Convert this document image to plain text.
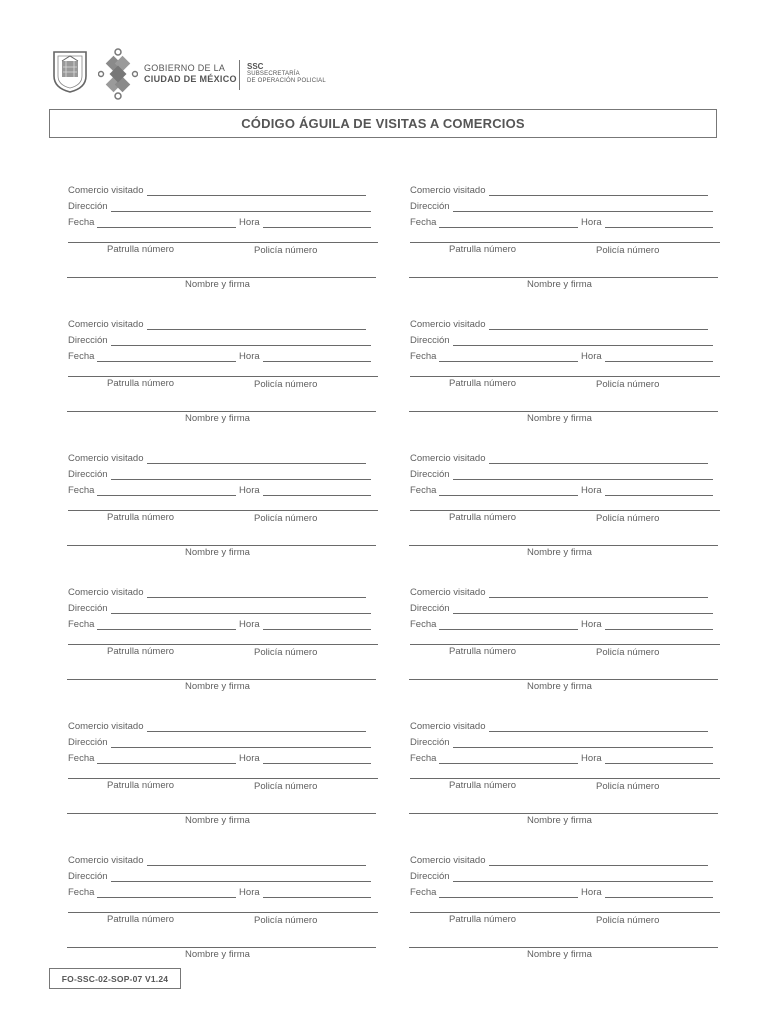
GOBIERNO DE LA
CIUDAD DE MÉXICO
SSC
SUBSECRETARÍA
DE OPERACIÓN POLICIAL
CÓDIGO ÁGUILA DE VISITAS A COMERCIOS
Comercio visitado
Dirección
Fecha	Hora
Patrulla número	Policía número
Nombre y firma
Comercio visitado
Dirección
Fecha	Hora
Patrulla número	Policía número
Nombre y firma
Comercio visitado
Dirección
Fecha	Hora
Patrulla número	Policía número
Nombre y firma
Comercio visitado
Dirección
Fecha	Hora
Patrulla número	Policía número
Nombre y firma
Comercio visitado
Dirección
Fecha	Hora
Patrulla número	Policía número
Nombre y firma
Comercio visitado
Dirección
Fecha	Hora
Patrulla número	Policía número
Nombre y firma
Comercio visitado
Dirección
Fecha	Hora
Patrulla número	Policía número
Nombre y firma
Comercio visitado
Dirección
Fecha	Hora
Patrulla número	Policía número
Nombre y firma
Comercio visitado
Dirección
Fecha	Hora
Patrulla número	Policía número
Nombre y firma
Comercio visitado
Dirección
Fecha	Hora
Patrulla número	Policía número
Nombre y firma
Comercio visitado
Dirección
Fecha	Hora
Patrulla número	Policía número
Nombre y firma
Comercio visitado
Dirección
Fecha	Hora
Patrulla número	Policía número
Nombre y firma
FO-SSC-02-SOP-07 V1.24
